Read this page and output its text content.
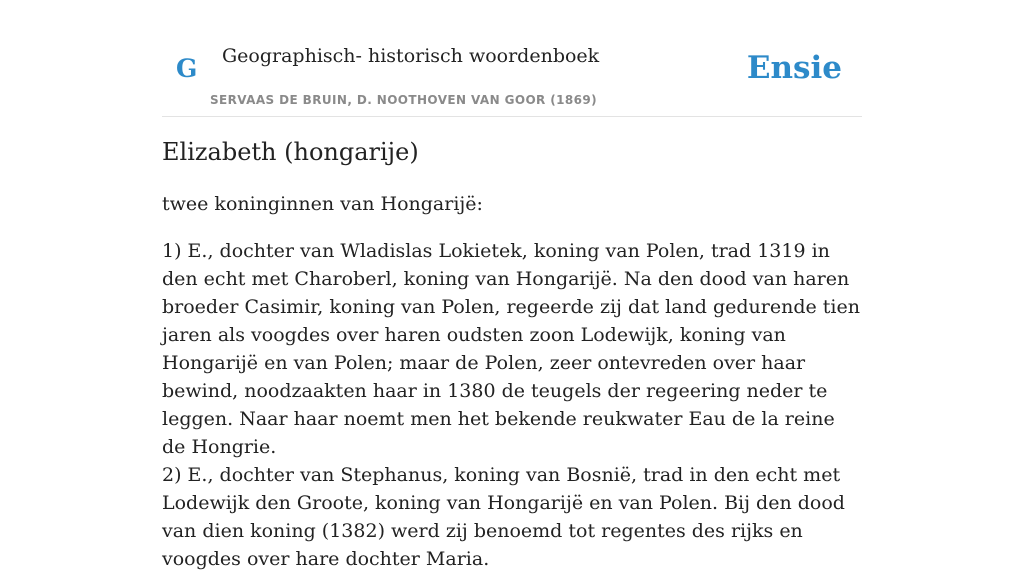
G Geographisch- historisch woordenboek
SERVAAS DE BRUIN, D. NOOTHOVEN VAN GOOR (1869)
Ensie
Elizabeth (hongarije)

twee koninginnen van Hongarijë:

1) E., dochter van Wladislas Lokietek, koning van Polen, trad 1319 in den echt met Charoberl, koning van Hongarijë. Na den dood van haren broeder Casimir, koning van Polen, regeerde zij dat land gedurende tien jaren als voogdes over haren oudsten zoon Lodewijk, koning van Hongarijë en van Polen; maar de Polen, zeer ontevreden over haar bewind, noodzaakten haar in 1380 de teugels der regeering neder te leggen. Naar haar noemt men het bekende reukwater Eau de la reine de Hongrie.

2) E., dochter van Stephanus, koning van Bosnië, trad in den echt met Lodewijk den Groote, koning van Hongarijë en van Polen. Bij den dood van dien koning (1382) werd zij benoemd tot regentes des rijks en voogdes over hare dochter Maria.
